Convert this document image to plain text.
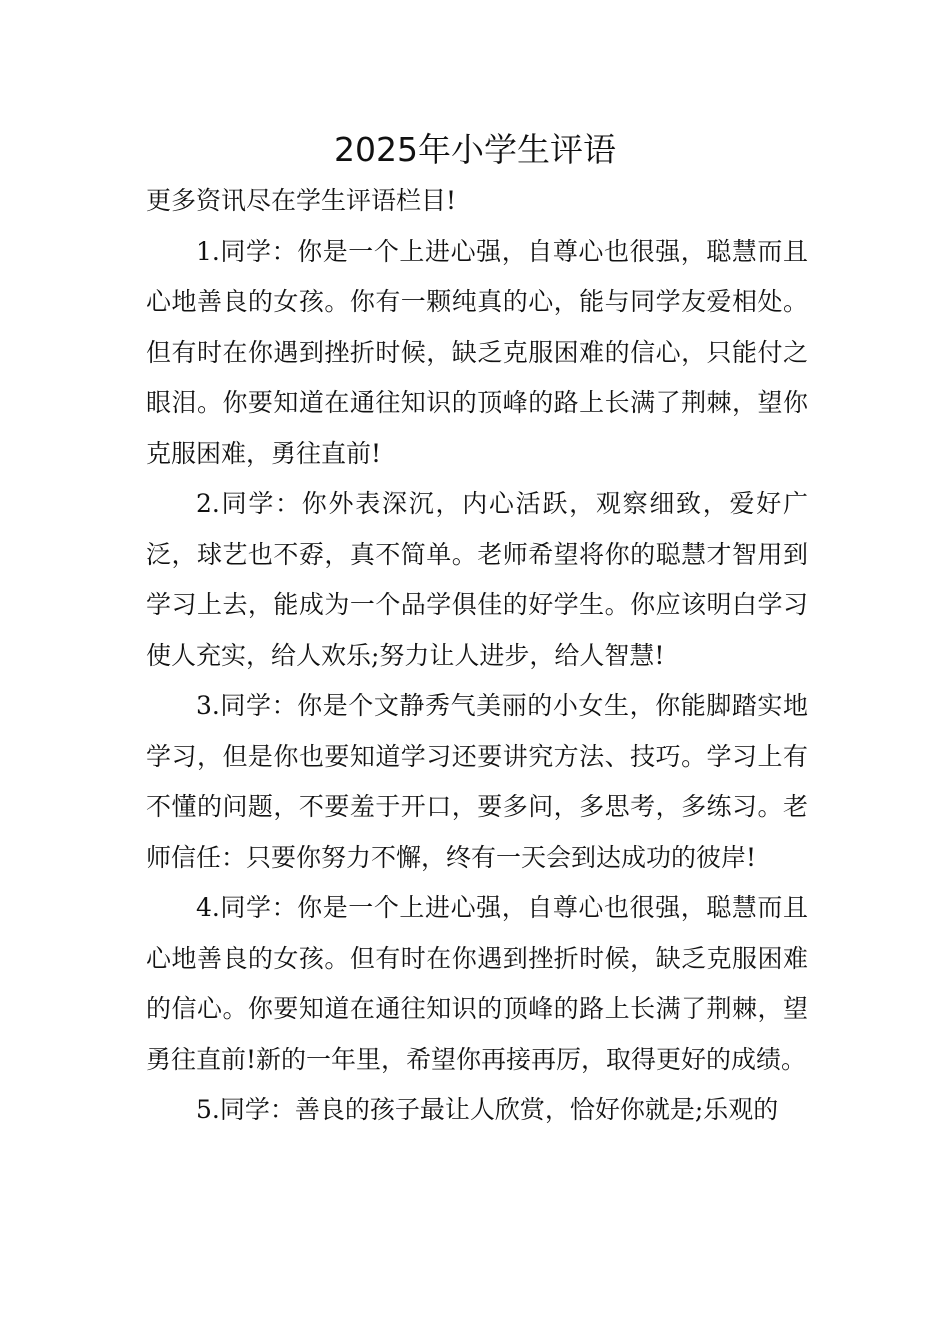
2025年小学生评语

更多资讯尽在学生评语栏目!

1.同学：你是一个上进心强，自尊心也很强，聪慧而且心地善良的女孩。你有一颗纯真的心，能与同学友爱相处。但有时在你遇到挫折时候，缺乏克服困难的信心，只能付之眼泪。你要知道在通往知识的顶峰的路上长满了荆棘，望你克服困难，勇往直前!

2.同学：你外表深沉，内心活跃，观察细致，爱好广泛，球艺也不孬，真不简单。老师希望将你的聪慧才智用到学习上去，能成为一个品学俱佳的好学生。你应该明白学习使人充实，给人欢乐;努力让人进步，给人智慧!

3.同学：你是个文静秀气美丽的小女生，你能脚踏实地学习，但是你也要知道学习还要讲究方法、技巧。学习上有不懂的问题，不要羞于开口，要多问，多思考，多练习。老师信任：只要你努力不懈，终有一天会到达成功的彼岸!

4.同学：你是一个上进心强，自尊心也很强，聪慧而且心地善良的女孩。但有时在你遇到挫折时候，缺乏克服困难的信心。你要知道在通往知识的顶峰的路上长满了荆棘，望勇往直前!新的一年里，希望你再接再厉，取得更好的成绩。

5.同学：善良的孩子最让人欣赏，恰好你就是;乐观的
